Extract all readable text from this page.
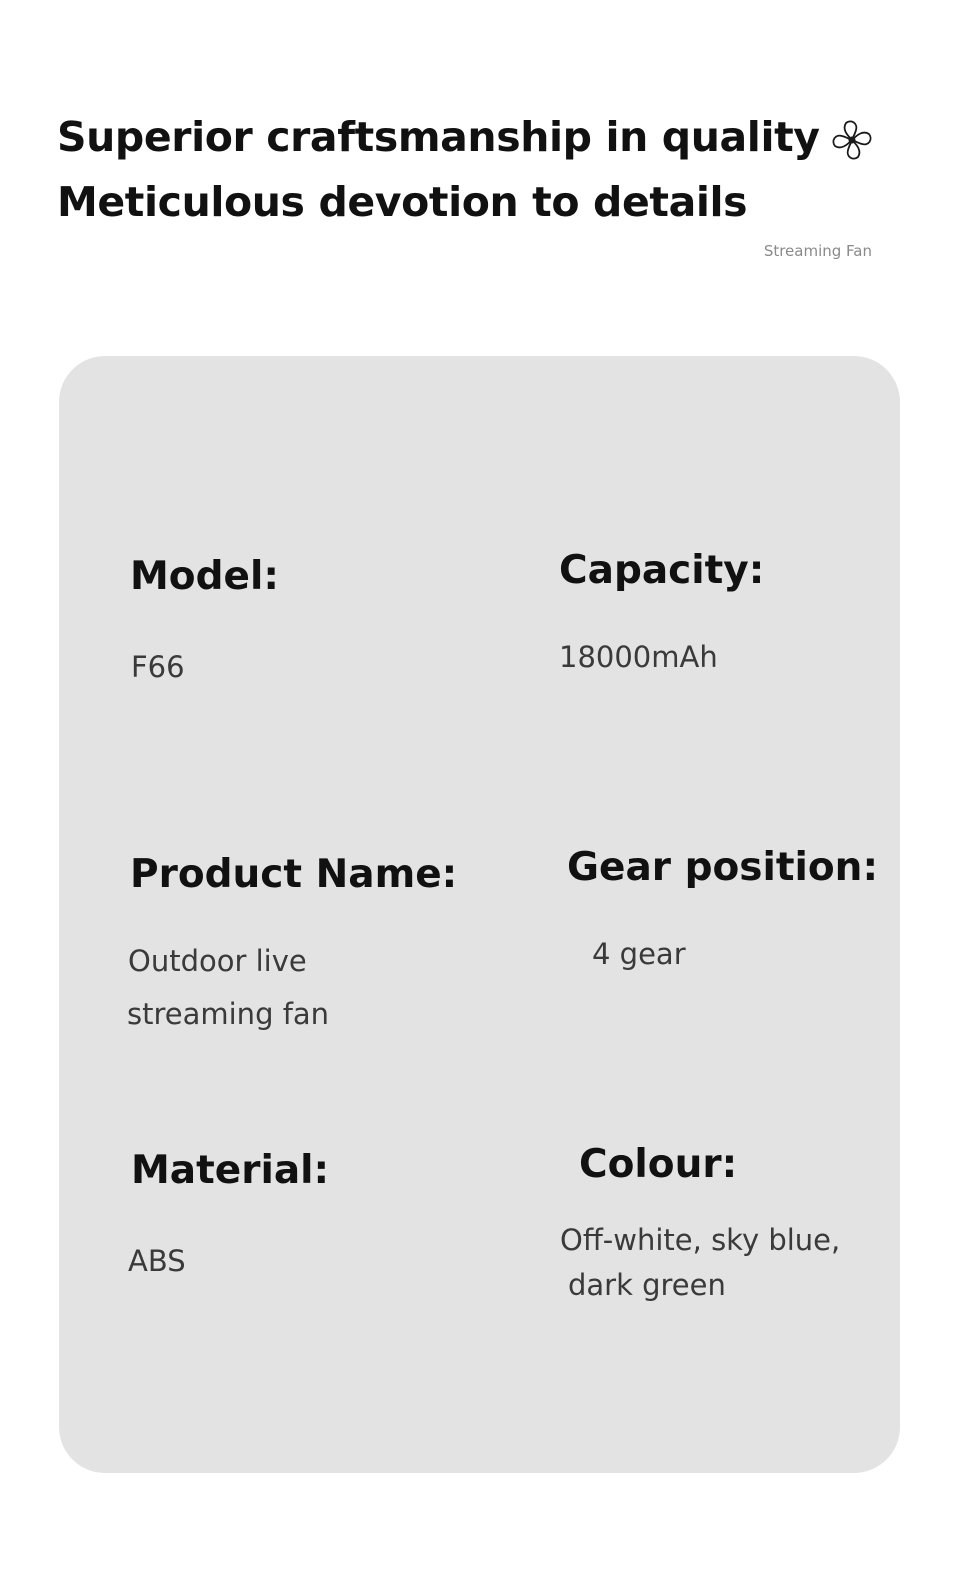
Superior craftsmanship in quality
Meticulous devotion to details
Streaming Fan
Model:
F66
Capacity:
18000mAh
Product Name:
Outdoor live
streaming fan
Gear position:
4 gear
Material:
ABS
Colour:
Off-white, sky blue,
dark green
